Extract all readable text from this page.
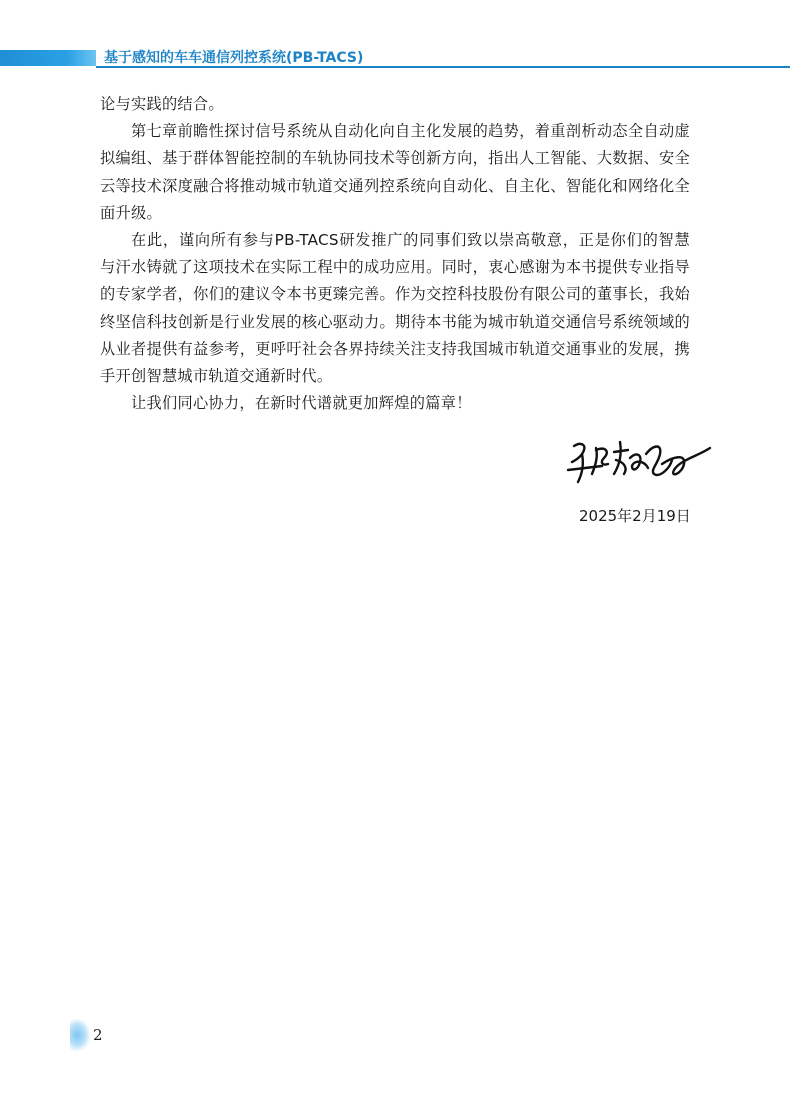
基于感知的车车通信列控系统(PB-TACS)

论与实践的结合。

第七章前瞻性探讨信号系统从自动化向自主化发展的趋势，着重剖析动态全自动虚拟编组、基于群体智能控制的车轨协同技术等创新方向，指出人工智能、大数据、安全云等技术深度融合将推动城市轨道交通列控系统向自动化、自主化、智能化和网络化全面升级。

在此，谨向所有参与PB-TACS研发推广的同事们致以崇高敬意，正是你们的智慧与汗水铸就了这项技术在实际工程中的成功应用。同时，衷心感谢为本书提供专业指导的专家学者，你们的建议令本书更臻完善。作为交控科技股份有限公司的董事长，我始终坚信科技创新是行业发展的核心驱动力。期待本书能为城市轨道交通信号系统领域的从业者提供有益参考，更呼吁社会各界持续关注支持我国城市轨道交通事业的发展，携手开创智慧城市轨道交通新时代。

让我们同心协力，在新时代谱就更加辉煌的篇章！

2025年2月19日
2
